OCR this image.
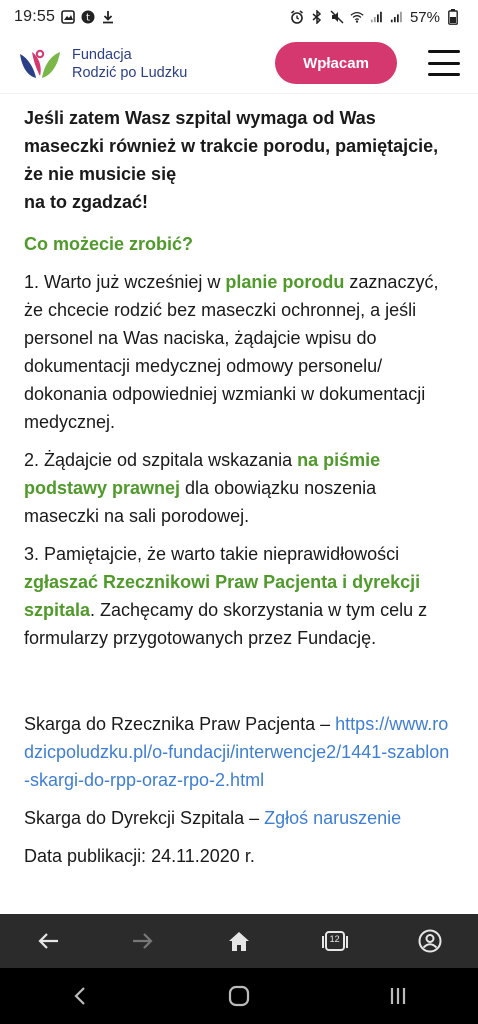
19:55	t	57%
Fundacja
Rodzić po Ludzku
Wpłacam

Jeśli zatem Wasz szpital wymaga od Was maseczki również w trakcie porodu, pamiętajcie, że nie musicie się
na to zgadzać!

Co możecie zrobić?

1. Warto już wcześniej w planie porodu zaznaczyć, że chcecie rodzić bez maseczki ochronnej, a jeśli personel na Was naciska, żądajcie wpisu do dokumentacji medycznej odmowy personelu/ dokonania odpowiedniej wzmianki w dokumentacji medycznej.

2. Żądajcie od szpitala wskazania na piśmie podstawy prawnej dla obowiązku noszenia maseczki na sali porodowej.

3. Pamiętajcie, że warto takie nieprawidłowości zgłaszać Rzecznikowi Praw Pacjenta i dyrekcji szpitala. Zachęcamy do skorzystania w tym celu z formularzy przygotowanych przez Fundację.

Skarga do Rzecznika Praw Pacjenta – https://www.rodzicpoludzku.pl/o-fundacji/interwencje2/1441-szablon-skargi-do-rpp-oraz-rpo-2.html

Skarga do Dyrekcji Szpitala – Zgłoś naruszenie

Data publikacji: 24.11.2020 r.

12
